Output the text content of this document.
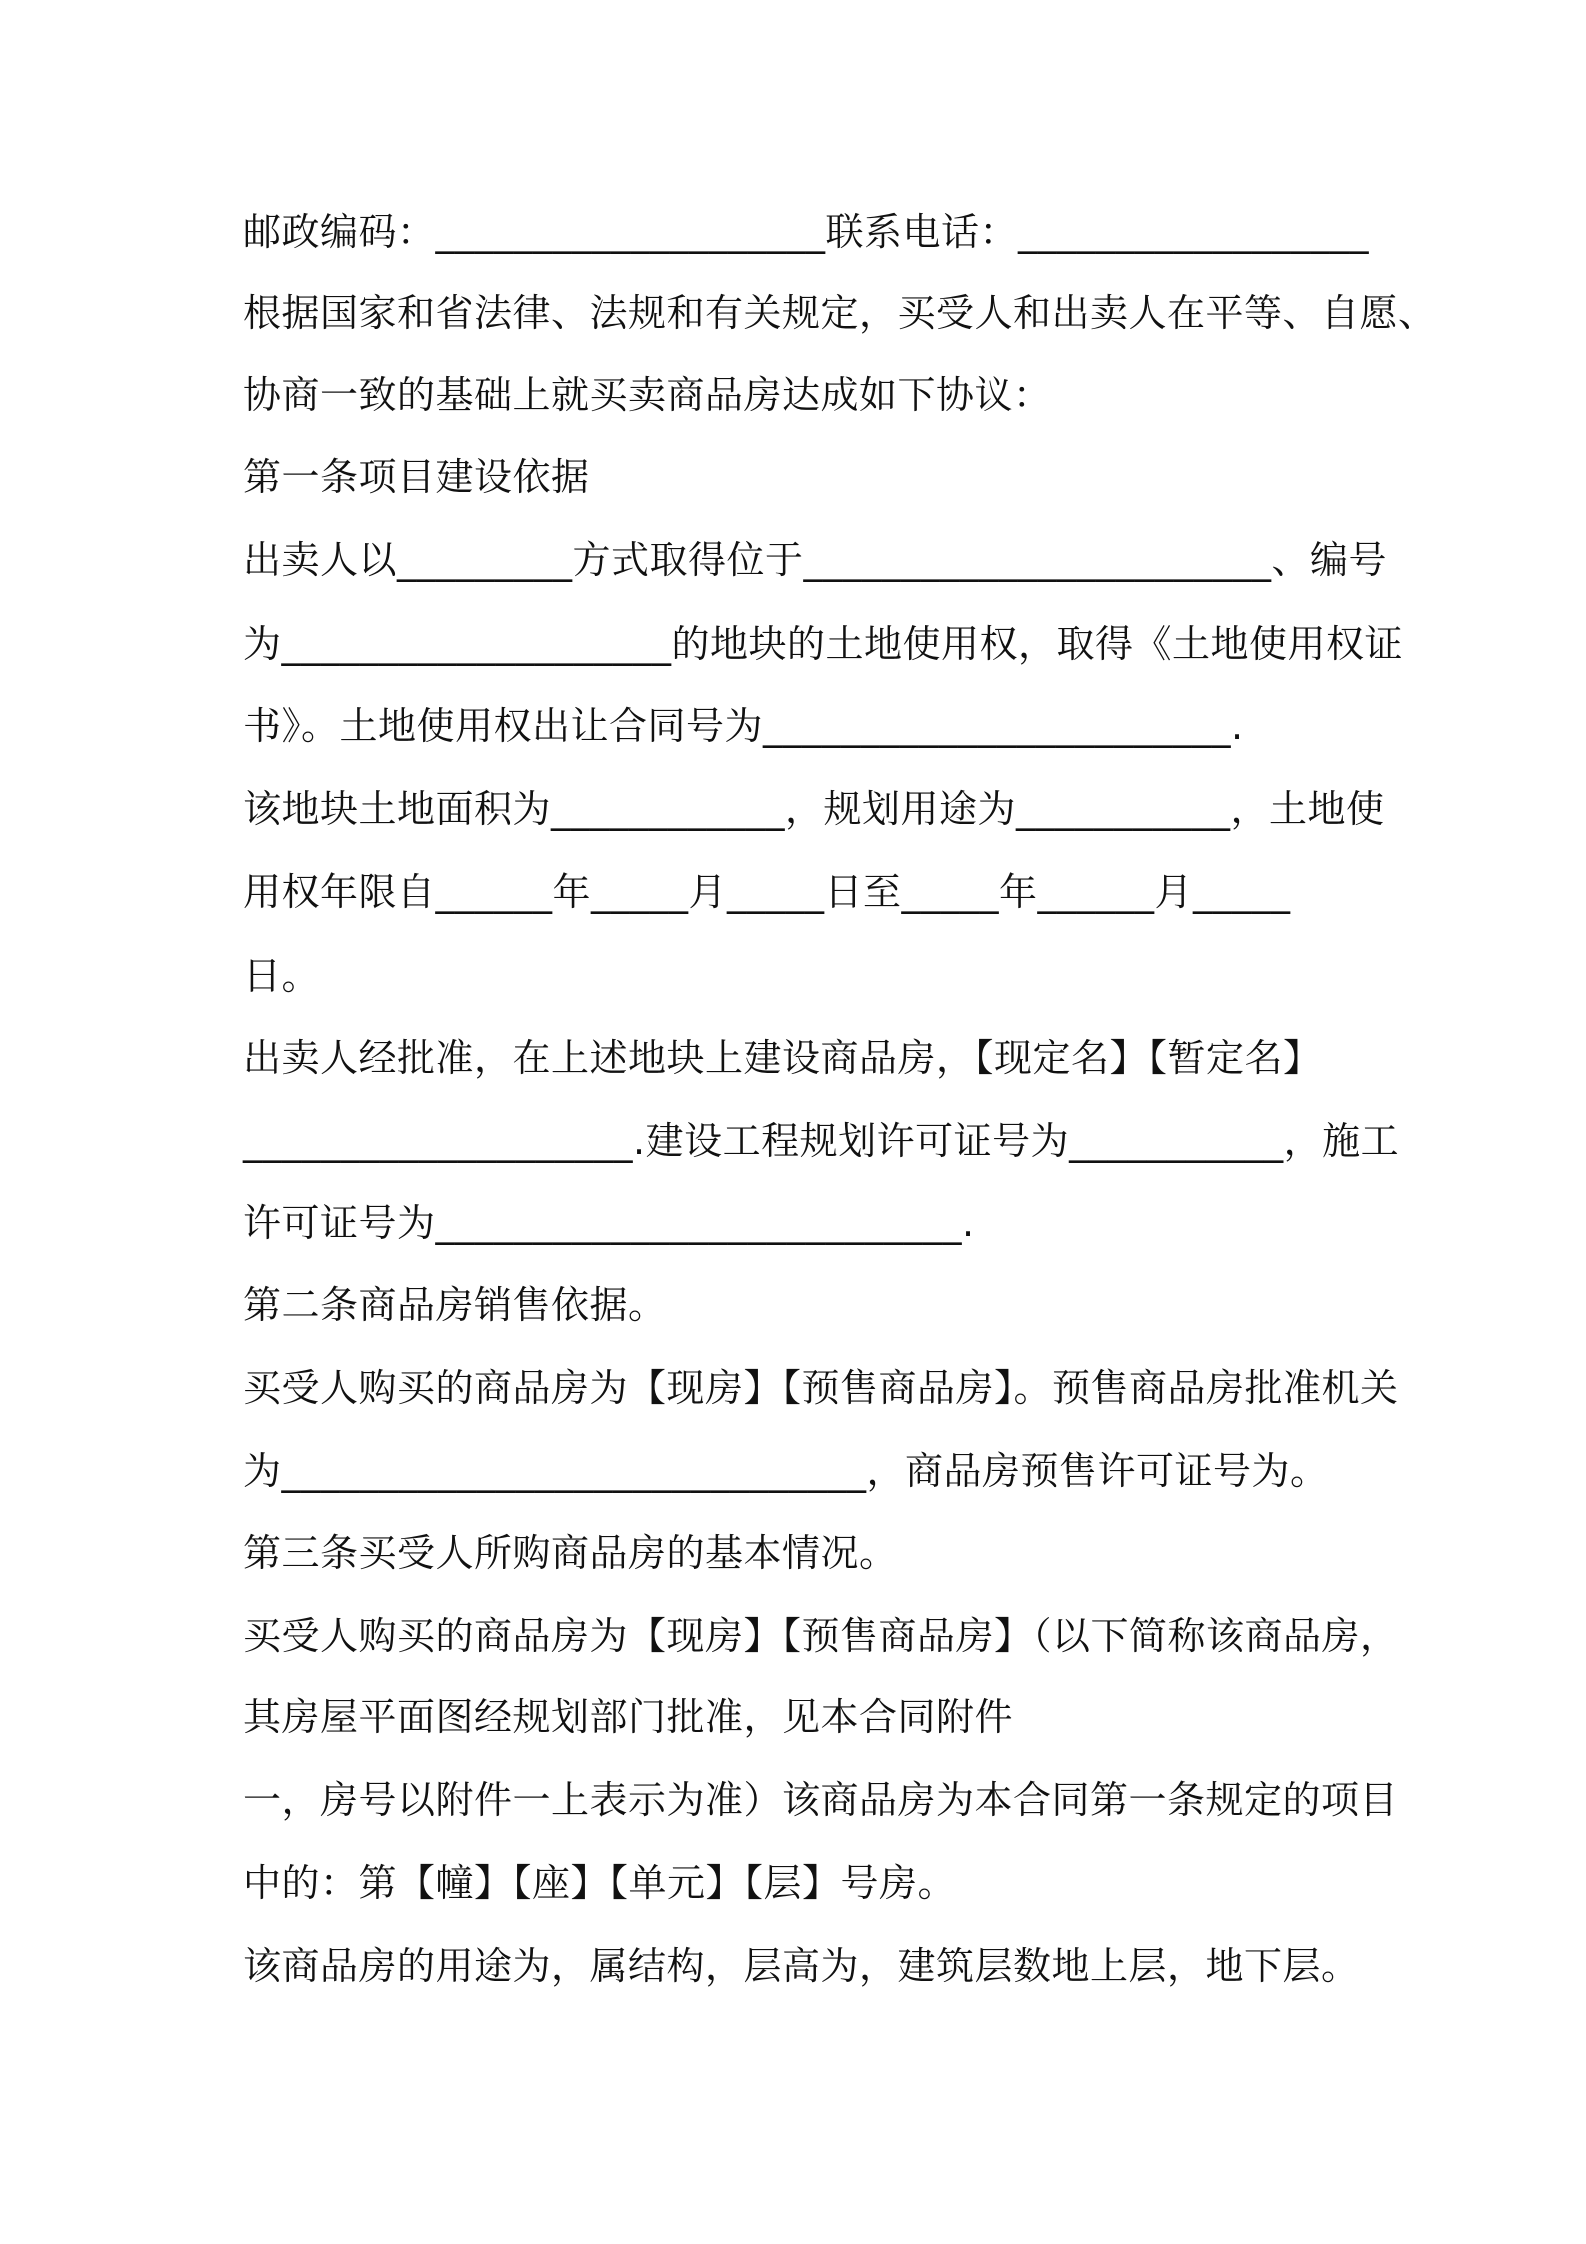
邮政编码：____________________联系电话：__________________
根据国家和省法律、法规和有关规定，买受人和出卖人在平等、自愿、
协商一致的基础上就买卖商品房达成如下协议：
第一条项目建设依据
出卖人以_________方式取得位于________________________、编号
为____________________的地块的土地使用权，取得《土地使用权证
书》。土地使用权出让合同号为________________________.
该地块土地面积为____________，规划用途为___________，土地使
用权年限自______年_____月_____日至_____年______月_____
日。
出卖人经批准，在上述地块上建设商品房，【现定名】【暂定名】
____________________.建设工程规划许可证号为___________，施工
许可证号为___________________________.
第二条商品房销售依据。
买受人购买的商品房为【现房】【预售商品房】。预售商品房批准机关
为______________________________，商品房预售许可证号为。
第三条买受人所购商品房的基本情况。
买受人购买的商品房为【现房】【预售商品房】（以下简称该商品房，
其房屋平面图经规划部门批准，见本合同附件
一，房号以附件一上表示为准）该商品房为本合同第一条规定的项目
中的：第【幢】【座】【单元】【层】号房。
该商品房的用途为，属结构，层高为，建筑层数地上层，地下层。
